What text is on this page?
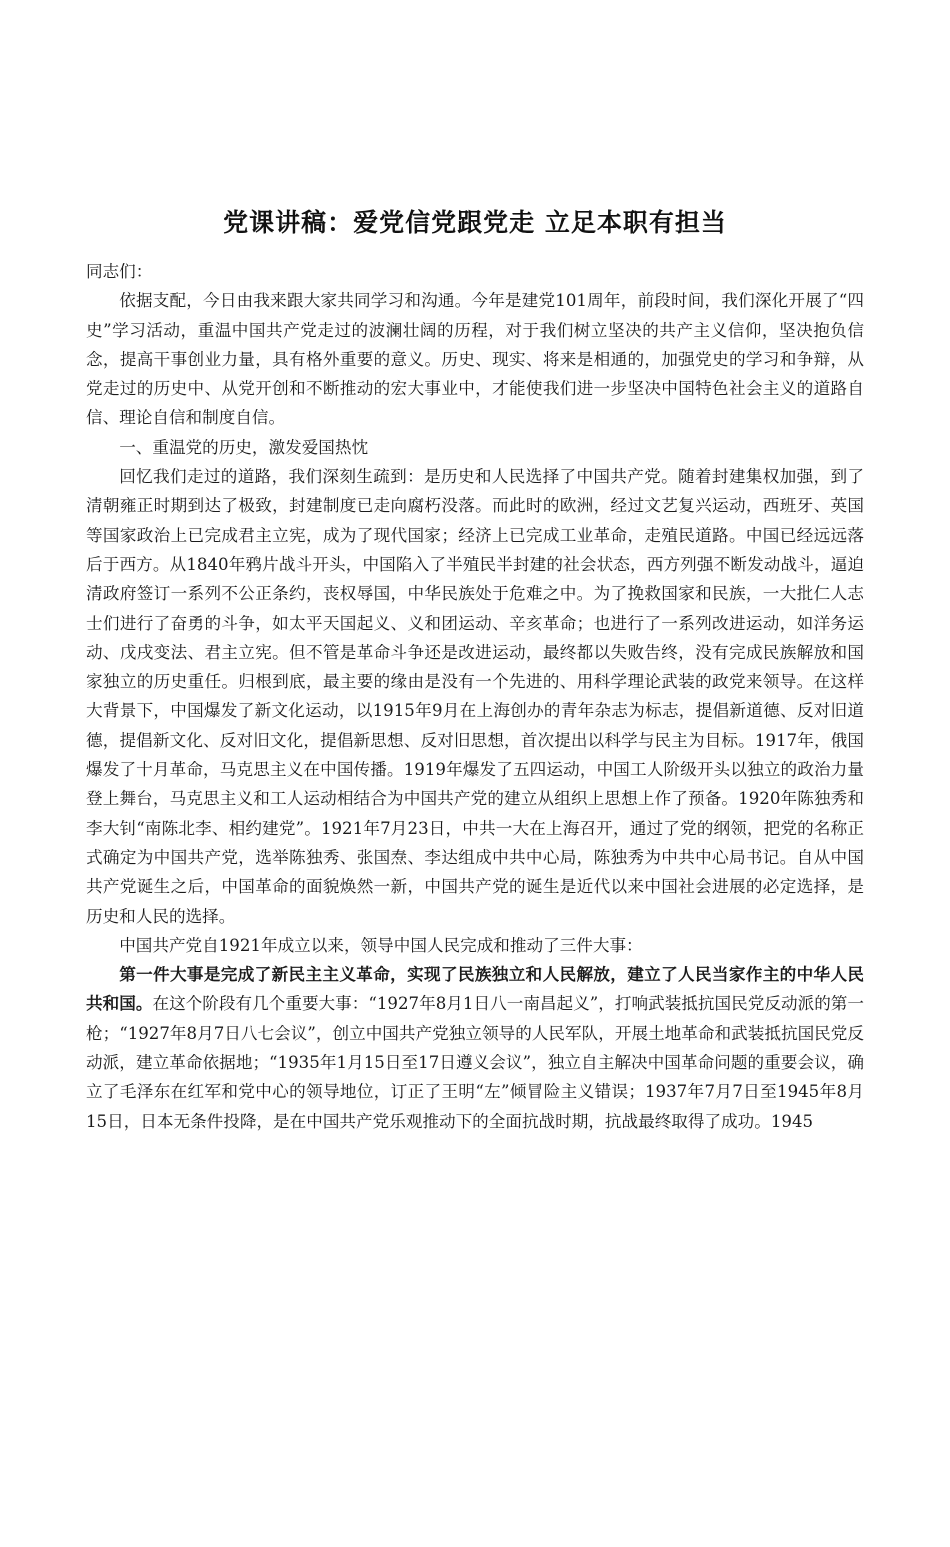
党课讲稿：爱党信党跟党走 立足本职有担当

同志们：

依据支配，今日由我来跟大家共同学习和沟通。今年是建党101周年，前段时间，我们深化开展了“四史”学习活动，重温中国共产党走过的波澜壮阔的历程，对于我们树立坚决的共产主义信仰，坚决抱负信念，提高干事创业力量，具有格外重要的意义。历史、现实、将来是相通的，加强党史的学习和争辩，从党走过的历史中、从党开创和不断推动的宏大事业中，才能使我们进一步坚决中国特色社会主义的道路自信、理论自信和制度自信。

一、重温党的历史，激发爱国热忱

回忆我们走过的道路，我们深刻生疏到：是历史和人民选择了中国共产党。随着封建集权加强，到了清朝雍正时期到达了极致，封建制度已走向腐朽没落。而此时的欧洲，经过文艺复兴运动，西班牙、英国等国家政治上已完成君主立宪，成为了现代国家；经济上已完成工业革命，走殖民道路。中国已经远远落后于西方。从1840年鸦片战斗开头，中国陷入了半殖民半封建的社会状态，西方列强不断发动战斗，逼迫清政府签订一系列不公正条约，丧权辱国，中华民族处于危难之中。为了挽救国家和民族，一大批仁人志士们进行了奋勇的斗争，如太平天国起义、义和团运动、辛亥革命；也进行了一系列改进运动，如洋务运动、戊戌变法、君主立宪。但不管是革命斗争还是改进运动，最终都以失败告终，没有完成民族解放和国家独立的历史重任。归根到底，最主要的缘由是没有一个先进的、用科学理论武装的政党来领导。在这样大背景下，中国爆发了新文化运动，以1915年9月在上海创办的青年杂志为标志，提倡新道德、反对旧道德，提倡新文化、反对旧文化，提倡新思想、反对旧思想，首次提出以科学与民主为目标。1917年，俄国爆发了十月革命，马克思主义在中国传播。1919年爆发了五四运动，中国工人阶级开头以独立的政治力量登上舞台，马克思主义和工人运动相结合为中国共产党的建立从组织上思想上作了预备。1920年陈独秀和李大钊“南陈北李、相约建党”。1921年7月23日，中共一大在上海召开，通过了党的纲领，把党的名称正式确定为中国共产党，选举陈独秀、张国焘、李达组成中共中心局，陈独秀为中共中心局书记。自从中国共产党诞生之后，中国革命的面貌焕然一新，中国共产党的诞生是近代以来中国社会进展的必定选择，是历史和人民的选择。

中国共产党自1921年成立以来，领导中国人民完成和推动了三件大事：

第一件大事是完成了新民主主义革命，实现了民族独立和人民解放，建立了人民当家作主的中华人民共和国。在这个阶段有几个重要大事：“1927年8月1日八一南昌起义”，打响武装抵抗国民党反动派的第一枪；“1927年8月7日八七会议”，创立中国共产党独立领导的人民军队，开展土地革命和武装抵抗国民党反动派，建立革命依据地；“1935年1月15日至17日遵义会议”，独立自主解决中国革命问题的重要会议，确立了毛泽东在红军和党中心的领导地位，订正了王明“左”倾冒险主义错误；1937年7月7日至1945年8月15日，日本无条件投降，是在中国共产党乐观推动下的全面抗战时期，抗战最终取得了成功。1945
